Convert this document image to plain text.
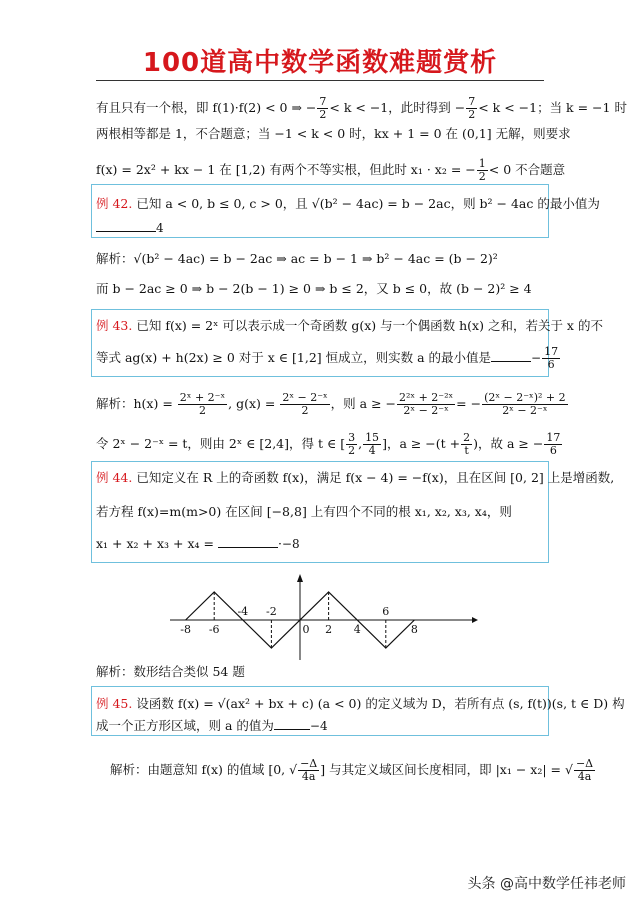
100道高中数学函数难题赏析
有且只有一个根，即 f(1)·f(2) < 0 ⇒ − $\frac{7}{2} < k < -1$，此时得到 − $\frac{7}{2} < k < -1$；当 k = −1 时
两根相等都是 1，不合题意；当 −1 < k < 0 时，kx + 1 = 0 在 (0,1] 无解，则要求
f(x) = 2x² + kx − 1 在 [1,2) 有两个不等实根，但此时 x₁ · x₂ = − $\frac{1}{2} < 0$ 不合题意
例 42. 已知 a < 0, b ≤ 0, c > 0，且 √(b² − 4ac) = b − 2ac，则 b² − 4ac 的最小值为
4
解析：√(b² − 4ac) = b − 2ac ⇒ ac = b − 1 ⇒ b² − 4ac = (b − 2)²
而 b − 2ac ≥ 0 ⇒ b − 2(b − 1) ≥ 0 ⇒ b ≤ 2，又 b ≤ 0，故 (b − 2)² ≥ 4
例 43. 已知 f(x) = 2ˣ 可以表示成一个奇函数 g(x) 与一个偶函数 h(x) 之和，若关于 x 的不
等式 ag(x) + h(2x) ≥ 0 对于 x ∈ [1,2] 恒成立，则实数 a 的最小值是	− $\frac{17}{6}$
解析：$h(x) = \frac{\text{2ˣ + 2⁻ˣ}}{2}$ , $g(x) = \frac{\text{2ˣ − 2⁻ˣ}}{2}$ ，则 a ≥ − $\frac{\text{2²ˣ + 2⁻²ˣ}}{\text{2ˣ − 2⁻ˣ}}$ = − $\frac{\text{(2ˣ − 2⁻ˣ)² + 2}}{\text{2ˣ − 2⁻ˣ}}$
令 2ˣ − 2⁻ˣ = t，则由 2ˣ ∈ [2,4]，得 t ∈ [ $\frac{3}{2}$ , $\frac{15}{4}$ ]，$a \ge -(t + \frac{2}{t}$ )，故 a ≥ − $\frac{17}{6}$
例 44. 已知定义在 R 上的奇函数 f(x)，满足 f(x − 4) = −f(x)，且在区间 [0, 2] 上是增函数,
若方程 f(x)=m(m>0) 在区间 [−8,8] 上有四个不同的根 x₁, x₂, x₃, x₄，则
x₁ + x₂ + x₃ + x₄ =	·−8
-8 -6	0 2 4	8
-4 -2	6
解析：数形结合类似 54 题
例 45. 设函数 f(x) = √(ax² + bx + c) (a < 0) 的定义域为 D，若所有点 (s, f(t))(s, t ∈ D) 构
成一个正方形区域，则 a 的值为	−4
解析：由题意知 f(x) 的值域 [0, √ $\frac{-\Delta}{4a}$ ] 与其定义域区间长度相同，即 |x₁ − x₂| = √ $\frac{-\Delta}{4a}$
头条 @高中数学任祎老师
